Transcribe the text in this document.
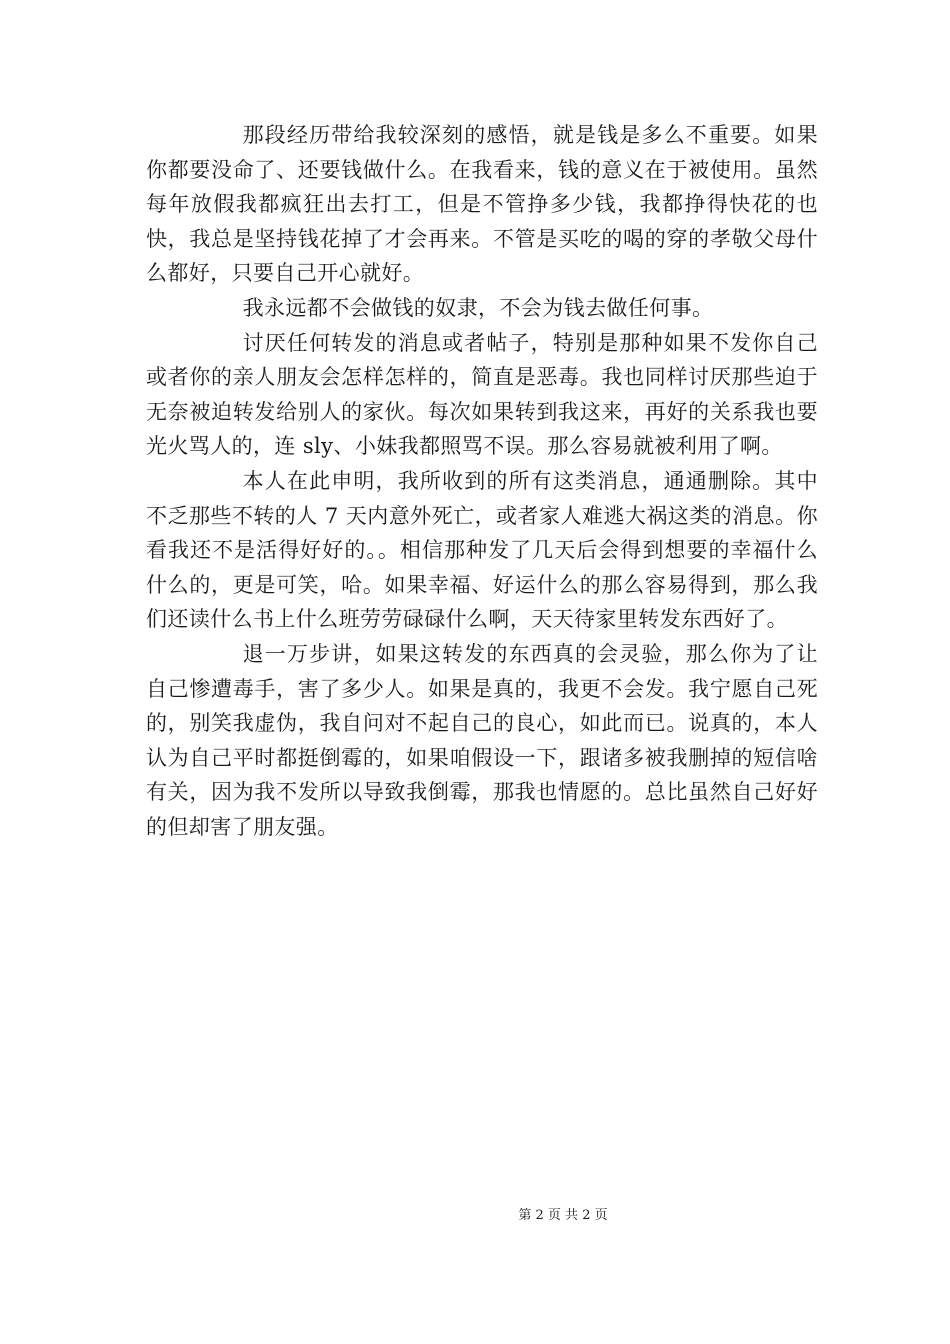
那段经历带给我较深刻的感悟，就是钱是多么不重要。如果你都要没命了、还要钱做什么。在我看来，钱的意义在于被使用。虽然每年放假我都疯狂出去打工，但是不管挣多少钱，我都挣得快花的也快，我总是坚持钱花掉了才会再来。不管是买吃的喝的穿的孝敬父母什么都好，只要自己开心就好。

我永远都不会做钱的奴隶，不会为钱去做任何事。

讨厌任何转发的消息或者帖子，特别是那种如果不发你自己或者你的亲人朋友会怎样怎样的，简直是恶毒。我也同样讨厌那些迫于无奈被迫转发给别人的家伙。每次如果转到我这来，再好的关系我也要光火骂人的，连 sly、小妹我都照骂不误。那么容易就被利用了啊。

本人在此申明，我所收到的所有这类消息，通通删除。其中不乏那些不转的人 7 天内意外死亡，或者家人难逃大祸这类的消息。你看我还不是活得好好的。。相信那种发了几天后会得到想要的幸福什么什么的，更是可笑，哈。如果幸福、好运什么的那么容易得到，那么我们还读什么书上什么班劳劳碌碌什么啊，天天待家里转发东西好了。

退一万步讲，如果这转发的东西真的会灵验，那么你为了让自己惨遭毒手，害了多少人。如果是真的，我更不会发。我宁愿自己死的，别笑我虚伪，我自问对不起自己的良心，如此而已。说真的，本人认为自己平时都挺倒霉的，如果咱假设一下，跟诸多被我删掉的短信啥有关，因为我不发所以导致我倒霉，那我也情愿的。总比虽然自己好好的但却害了朋友强。

第 2 页 共 2 页
